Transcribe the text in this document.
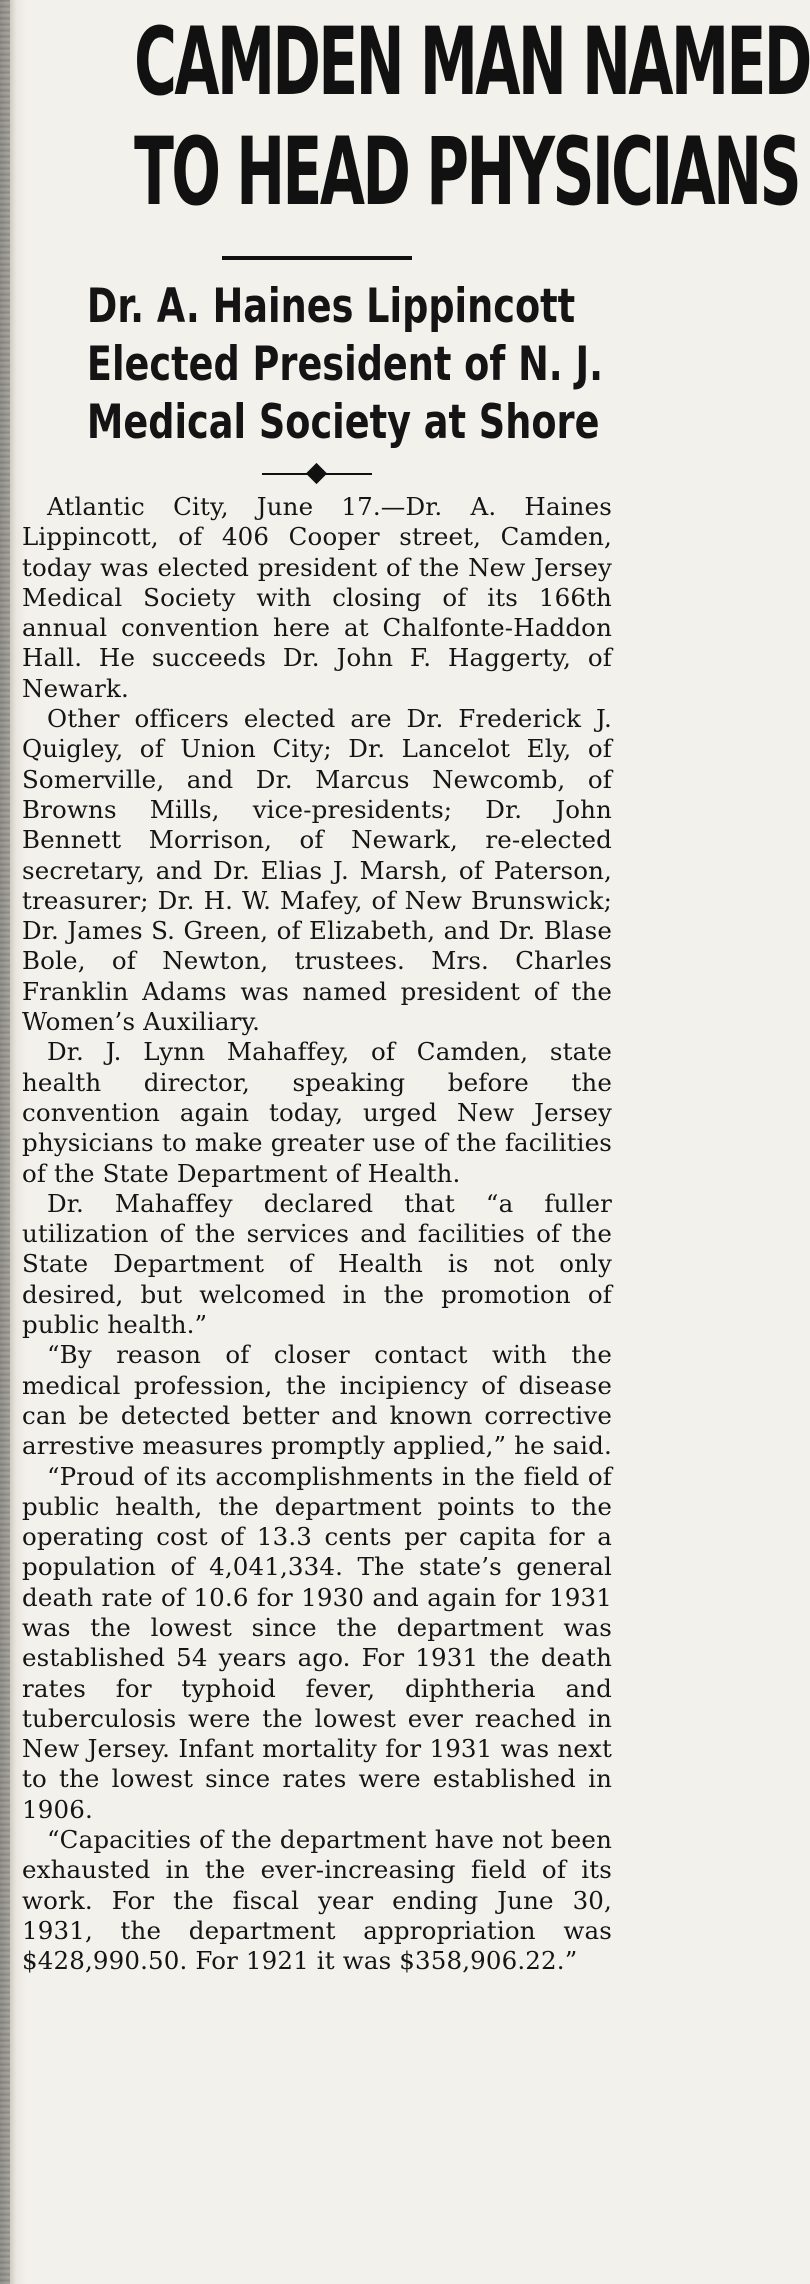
CAMDEN MAN NAMED
TO HEAD PHYSICIANS
Dr. A. Haines Lippincott
Elected President of N. J.
Medical Society at Shore

Atlantic City, June 17.—Dr. A. Haines Lippincott, of 406 Cooper street, Camden, today was elected president of the New Jersey Medical Society with closing of its 166th annual convention here at Chalfonte-Haddon Hall. He succeeds Dr. John F. Haggerty, of Newark.

Other officers elected are Dr. Frederick J. Quigley, of Union City; Dr. Lancelot Ely, of Somerville, and Dr. Marcus Newcomb, of Browns Mills, vice-presidents; Dr. John Bennett Morrison, of Newark, re-elected secretary, and Dr. Elias J. Marsh, of Paterson, treasurer; Dr. H. W. Mafey, of New Brunswick; Dr. James S. Green, of Elizabeth, and Dr. Blase Bole, of Newton, trustees. Mrs. Charles Franklin Adams was named president of the Women’s Auxiliary.

Dr. J. Lynn Mahaffey, of Camden, state health director, speaking before the convention again today, urged New Jersey physicians to make greater use of the facilities of the State Department of Health.

Dr. Mahaffey declared that “a fuller utilization of the services and facilities of the State Department of Health is not only desired, but welcomed in the promotion of public health.”

“By reason of closer contact with the medical profession, the incipiency of disease can be detected better and known corrective arrestive measures promptly applied,” he said.

“Proud of its accomplishments in the field of public health, the department points to the operating cost of 13.3 cents per capita for a population of 4,041,334. The state’s general death rate of 10.6 for 1930 and again for 1931 was the lowest since the department was established 54 years ago. For 1931 the death rates for typhoid fever, diphtheria and tuberculosis were the lowest ever reached in New Jersey. Infant mortality for 1931 was next to the lowest since rates were established in 1906.

“Capacities of the department have not been exhausted in the ever-increasing field of its work. For the fiscal year ending June 30, 1931, the department appropriation was $428,990.50. For 1921 it was $358,906.22.”
